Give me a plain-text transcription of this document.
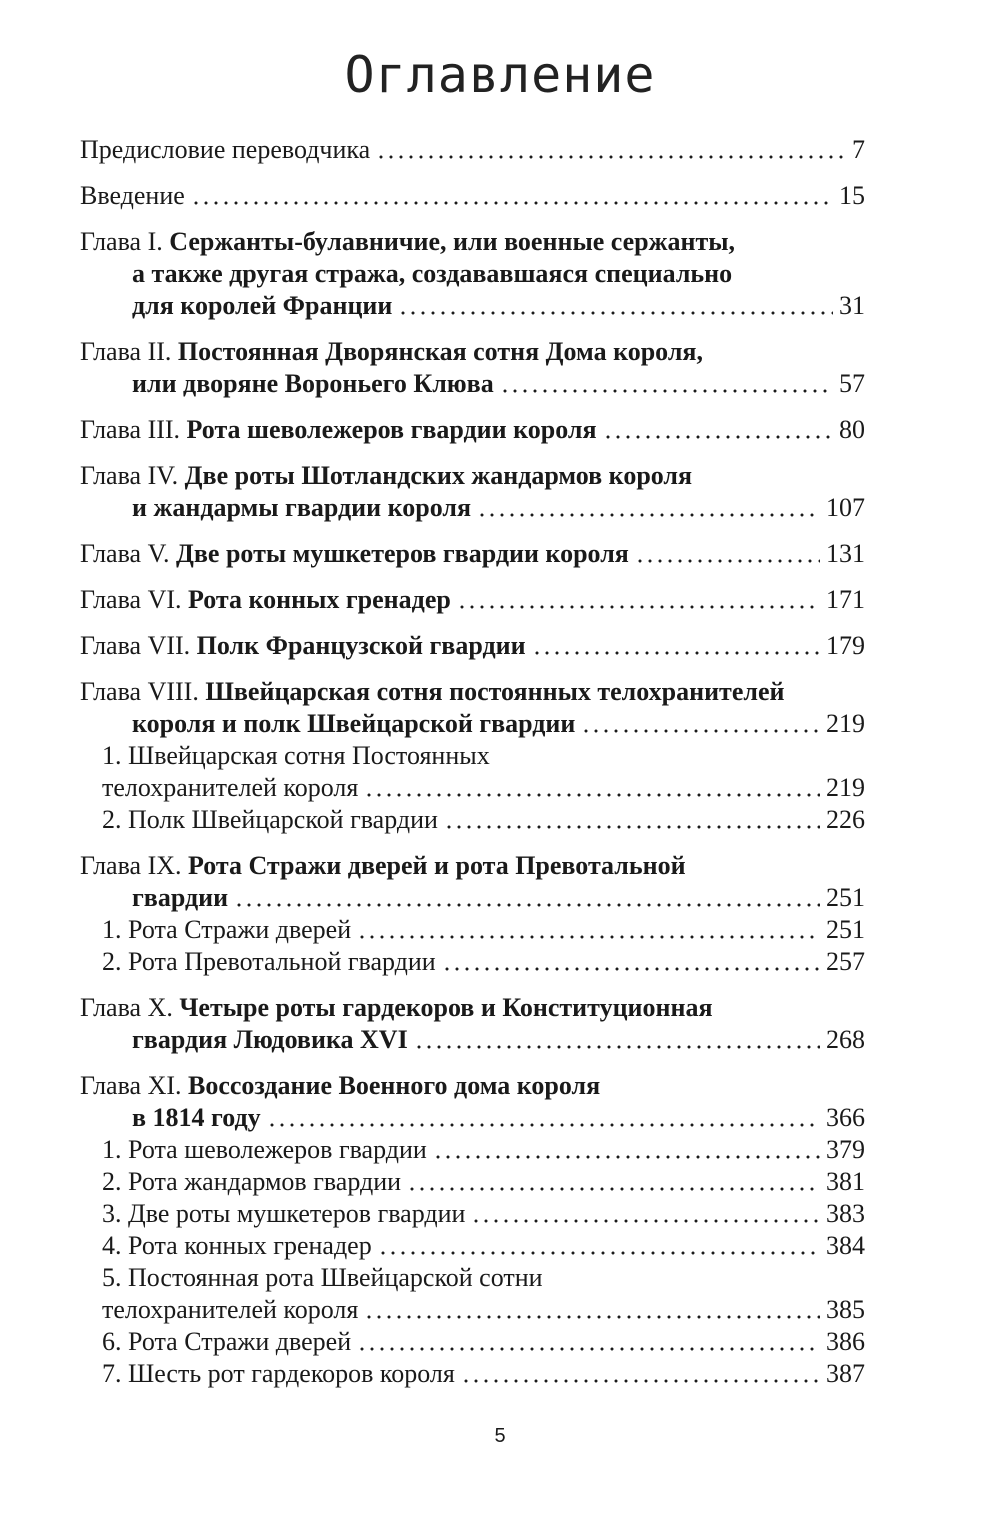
Оглавление
Предисловие переводчика	7
Введение	15
Глава I.
Сержанты-булавничие, или военные сержанты,
а также другая стража, создававшаяся специально
для королей Франции	31
Глава II.
Постоянная Дворянская сотня Дома короля,
или дворяне Вороньего Клюва	57
Глава III.
Рота шеволежеров гвардии короля	80
Глава IV.
Две роты Шотландских жандармов короля
и жандармы гвардии короля	107
Глава V.
Две роты мушкетеров гвардии короля	131
Глава VI.
Рота конных гренадер	171
Глава VII.
Полк Французской гвардии	179
Глава VIII.
Швейцарская сотня постоянных телохранителей
короля и полк Швейцарской гвардии	219
1. Швейцарская сотня Постоянных
телохранителей короля	219
2. Полк Швейцарской гвардии	226
Глава IX.
Рота Стражи дверей и рота Превотальной
гвардии	251
1. Рота Стражи дверей	251
2. Рота Превотальной гвардии	257
Глава X.
Четыре роты гардекоров и Конституционная
гвардия Людовика XVI	268
Глава XI.
Воссоздание Военного дома короля
в 1814 году	366
1. Рота шеволежеров гвардии	379
2. Рота жандармов гвардии	381
3. Две роты мушкетеров гвардии	383
4. Рота конных гренадер	384
5. Постоянная рота Швейцарской сотни
телохранителей короля	385
6. Рота Стражи дверей	386
7. Шесть рот гардекоров короля	387
5
